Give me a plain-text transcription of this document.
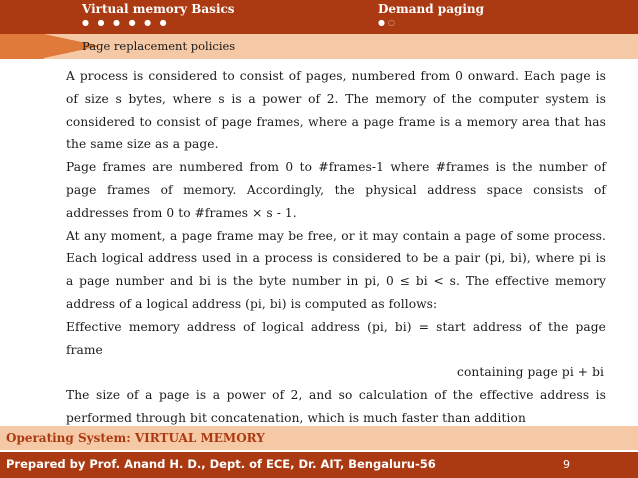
Virtual memory Basics
● ● ● ● ● ●
Demand paging
●○
Page replacement policies

A process is considered to consist of pages, numbered from 0 onward. Each page is of size s bytes, where s is a power of 2. The memory of the computer system is considered to consist of page frames, where a page frame is a memory area that has the same size as a page.

Page frames are numbered from 0 to #frames-1 where #frames is the number of page frames of memory. Accordingly, the physical address space consists of addresses from 0 to #frames × s - 1.

At any moment, a page frame may be free, or it may contain a page of some process. Each logical address used in a process is considered to be a pair (pi, bi), where pi is a page number and bi is the byte number in pi, 0 ≤ bi < s. The effective memory address of a logical address (pi, bi) is computed as follows:

Effective memory address of logical address (pi, bi) = start address of the page frame

containing page pi + bi

The size of a page is a power of 2, and so calculation of the effective address is performed through bit concatenation, which is much faster than addition

Operating System: VIRTUAL MEMORY
Prepared by Prof. Anand H. D., Dept. of ECE, Dr. AIT, Bengaluru-56	9
